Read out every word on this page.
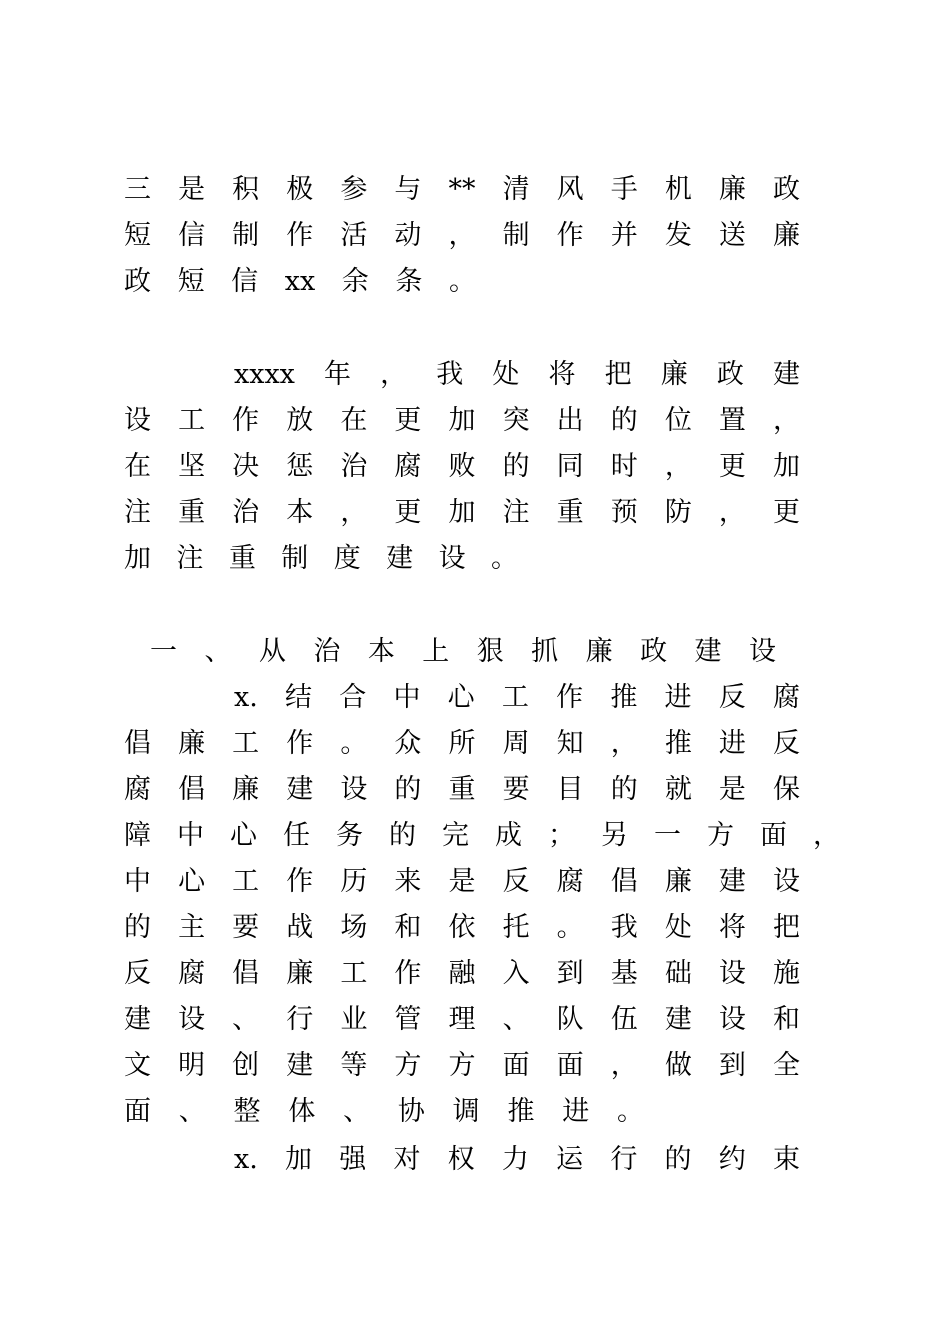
三是积极参与**清风手机廉政
短信制作活动，制作并发送廉
政短信xx余条。
xxxx年，我处将把廉政建
设工作放在更加突出的位置，
在坚决惩治腐败的同时，更加
注重治本，更加注重预防，更
加注重制度建设。
一、从治本上狠抓廉政建设
x.结合中心工作推进反腐
倡廉工作。众所周知，推进反
腐倡廉建设的重要目的就是保
障中心任务的完成；另一方面，
中心工作历来是反腐倡廉建设
的主要战场和依托。我处将把
反腐倡廉工作融入到基础设施
建设、行业管理、队伍建设和
文明创建等方方面面，做到全
面、整体、协调推进。
x.加强对权力运行的约束
